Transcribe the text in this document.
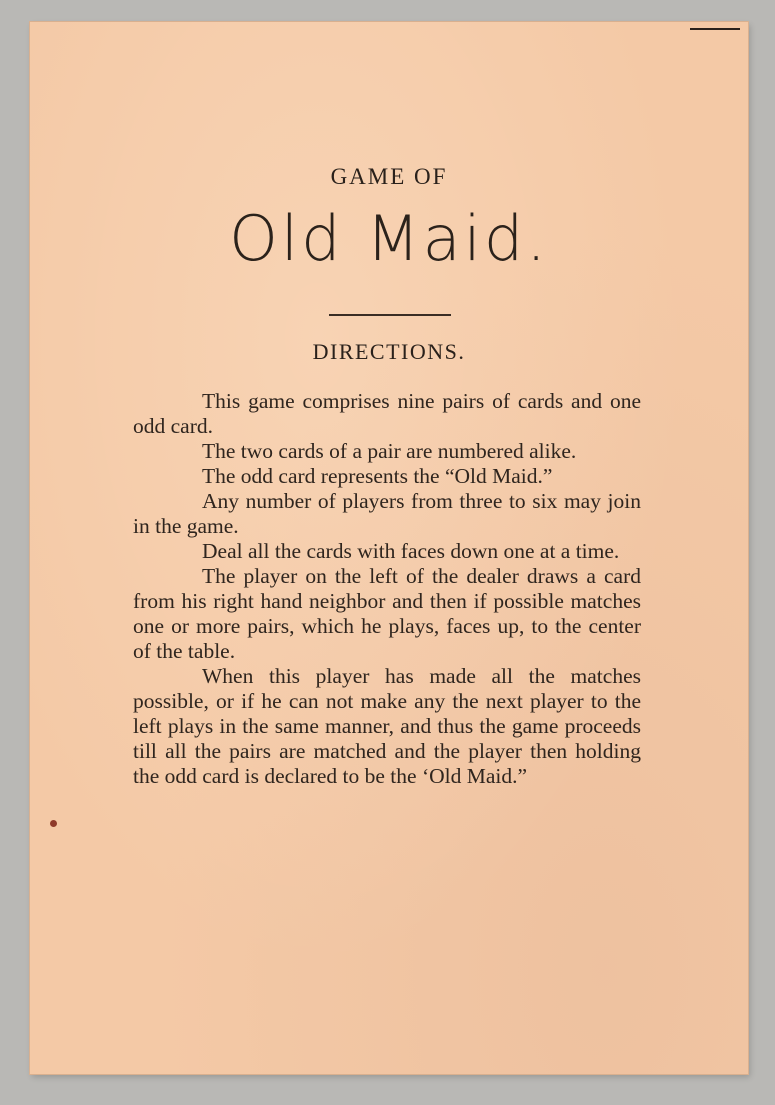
GAME OF
Old Maid.
DIRECTIONS.

This game comprises nine pairs of cards and one odd card.

The two cards of a pair are numbered alike.

The odd card represents the “Old Maid.”

Any number of players from three to six may join in the game.

Deal all the cards with faces down one at a time.

The player on the left of the dealer draws a card from his right hand neighbor and then if possible matches one or more pairs, which he plays, faces up, to the center of the table.

When this player has made all the matches possible, or if he can not make any the next player to the left plays in the same manner, and thus the game proceeds till all the pairs are matched and the player then holding the odd card is declared to be the ‘Old Maid.”
